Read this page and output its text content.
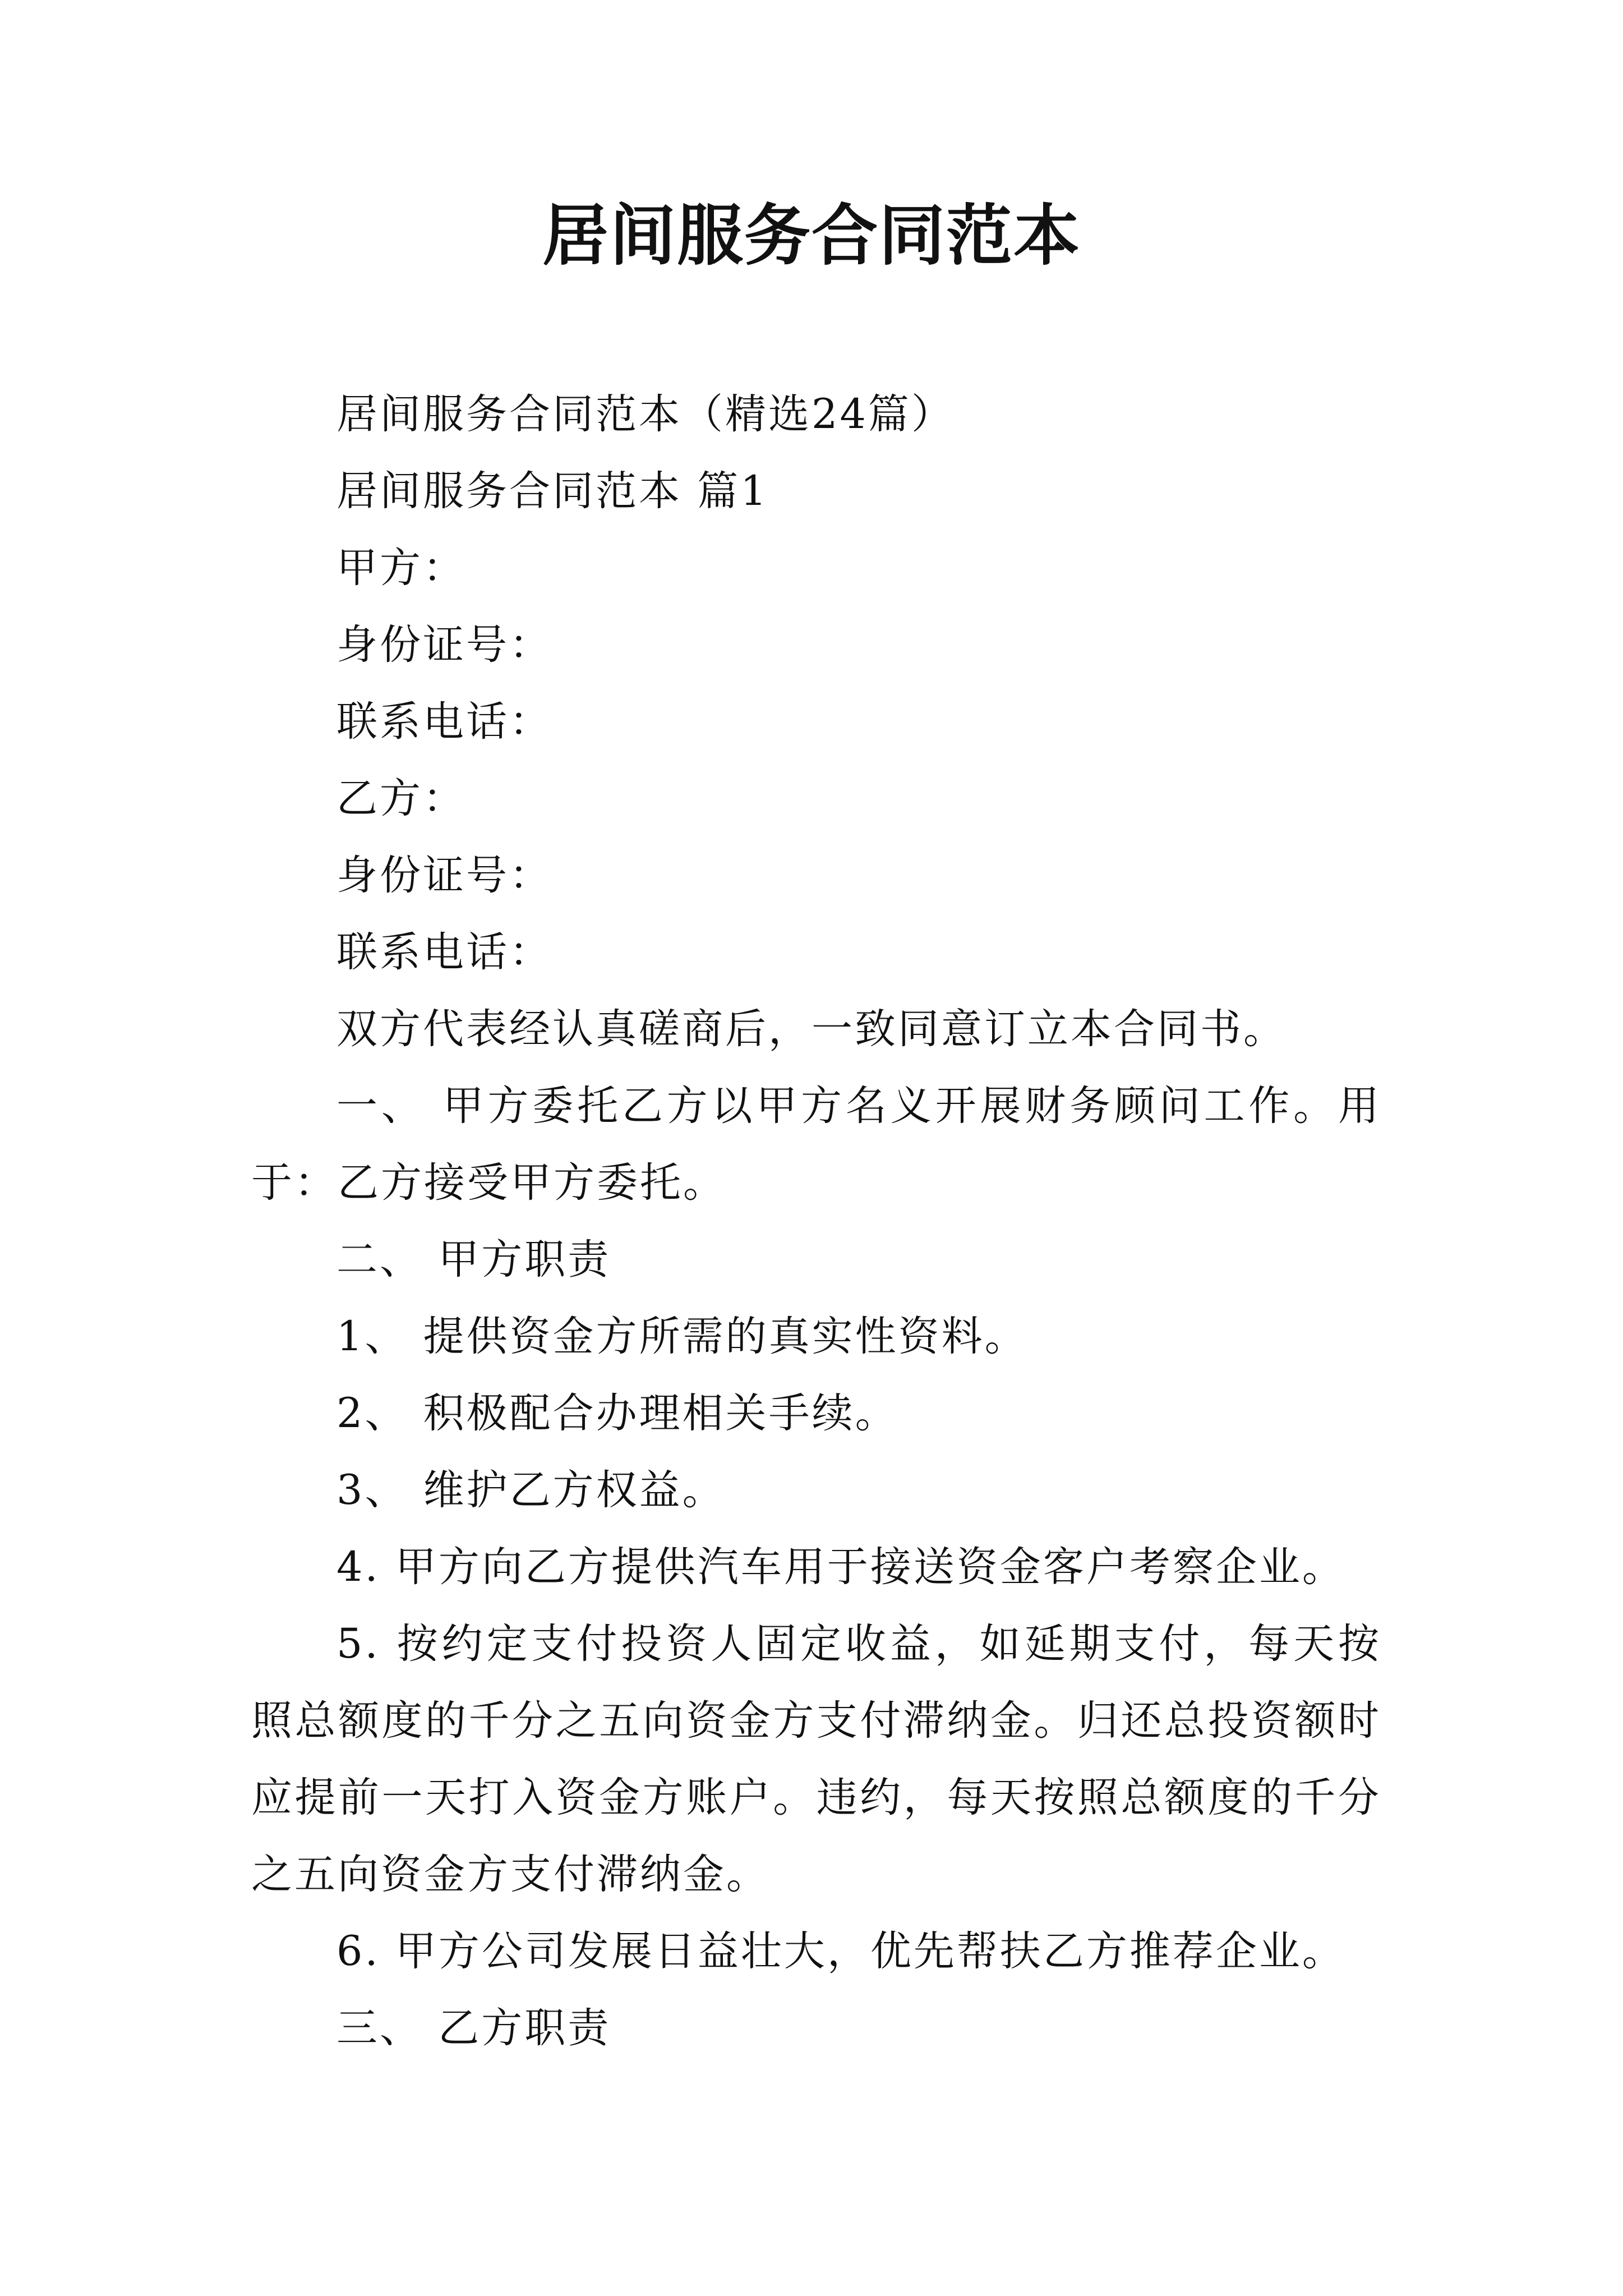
居间服务合同范本

居间服务合同范本（精选24篇）

居间服务合同范本 篇1

甲方：

身份证号：

联系电话：

乙方：

身份证号：

联系电话：

双方代表经认真磋商后，一致同意订立本合同书。

一、 甲方委托乙方以甲方名义开展财务顾问工作。用于：乙方接受甲方委托。

二、 甲方职责

1、 提供资金方所需的真实性资料。

2、 积极配合办理相关手续。

3、 维护乙方权益。

4. 甲方向乙方提供汽车用于接送资金客户考察企业。

5. 按约定支付投资人固定收益，如延期支付，每天按照总额度的千分之五向资金方支付滞纳金。归还总投资额时应提前一天打入资金方账户。违约，每天按照总额度的千分之五向资金方支付滞纳金。

6. 甲方公司发展日益壮大，优先帮扶乙方推荐企业。

三、 乙方职责
